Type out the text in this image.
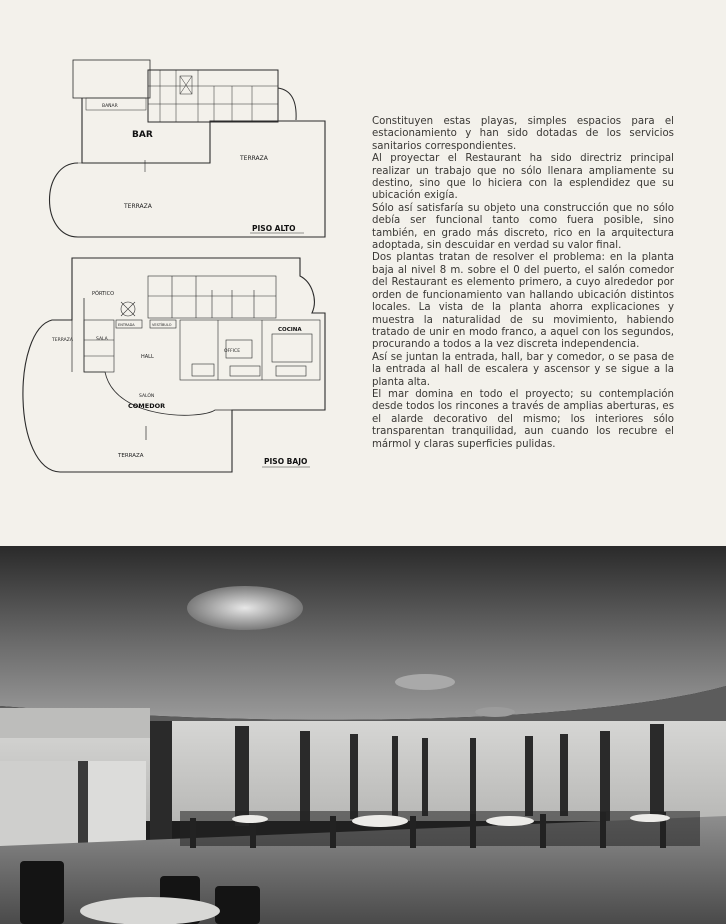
BAR
TERRAZA
TERRAZA
BAÑAR
PISO ALTO
PÓRTICO
TERRAZA	SALA
HALL
SALÓN
COMEDOR
COCINA
TERRAZA
OFFICE
ENTRADA	VESTÍBULO
PISO BAJO

Constituyen estas playas, simples espacios para el estacionamiento y han sido dotadas de los servicios sanitarios correspondientes.

Al proyectar el Restaurant ha sido directriz principal realizar un trabajo que no sólo llenara ampliamente su destino, sino que lo hiciera con la esplendidez que su ubicación exigía.

Sólo así satisfaría su objeto una construcción que no sólo debía ser funcional tanto como fuera posible, sino también, en grado más discreto, rico en la arquitectura adoptada, sin descuidar en verdad su valor final.

Dos plantas tratan de resolver el problema: en la planta baja al nivel 8 m. sobre el 0 del puerto, el salón comedor del Restaurant es elemento primero, a cuyo alrededor por orden de funcionamiento van hallando ubicación distintos locales. La vista de la planta ahorra explicaciones y muestra la naturalidad de su movimiento, habiendo tratado de unir en modo franco, a aquel con los segundos, procurando a todos a la vez discreta independencia.

Así se juntan la entrada, hall, bar y comedor, o se pasa de la entrada al hall de escalera y ascensor y se sigue a la planta alta.

El mar domina en todo el proyecto; su contemplación desde todos los rincones a través de amplias aberturas, es el alarde decorativo del mismo; los interiores sólo transparentan tranquilidad, aun cuando los recubre el mármol y claras superficies pulidas.
